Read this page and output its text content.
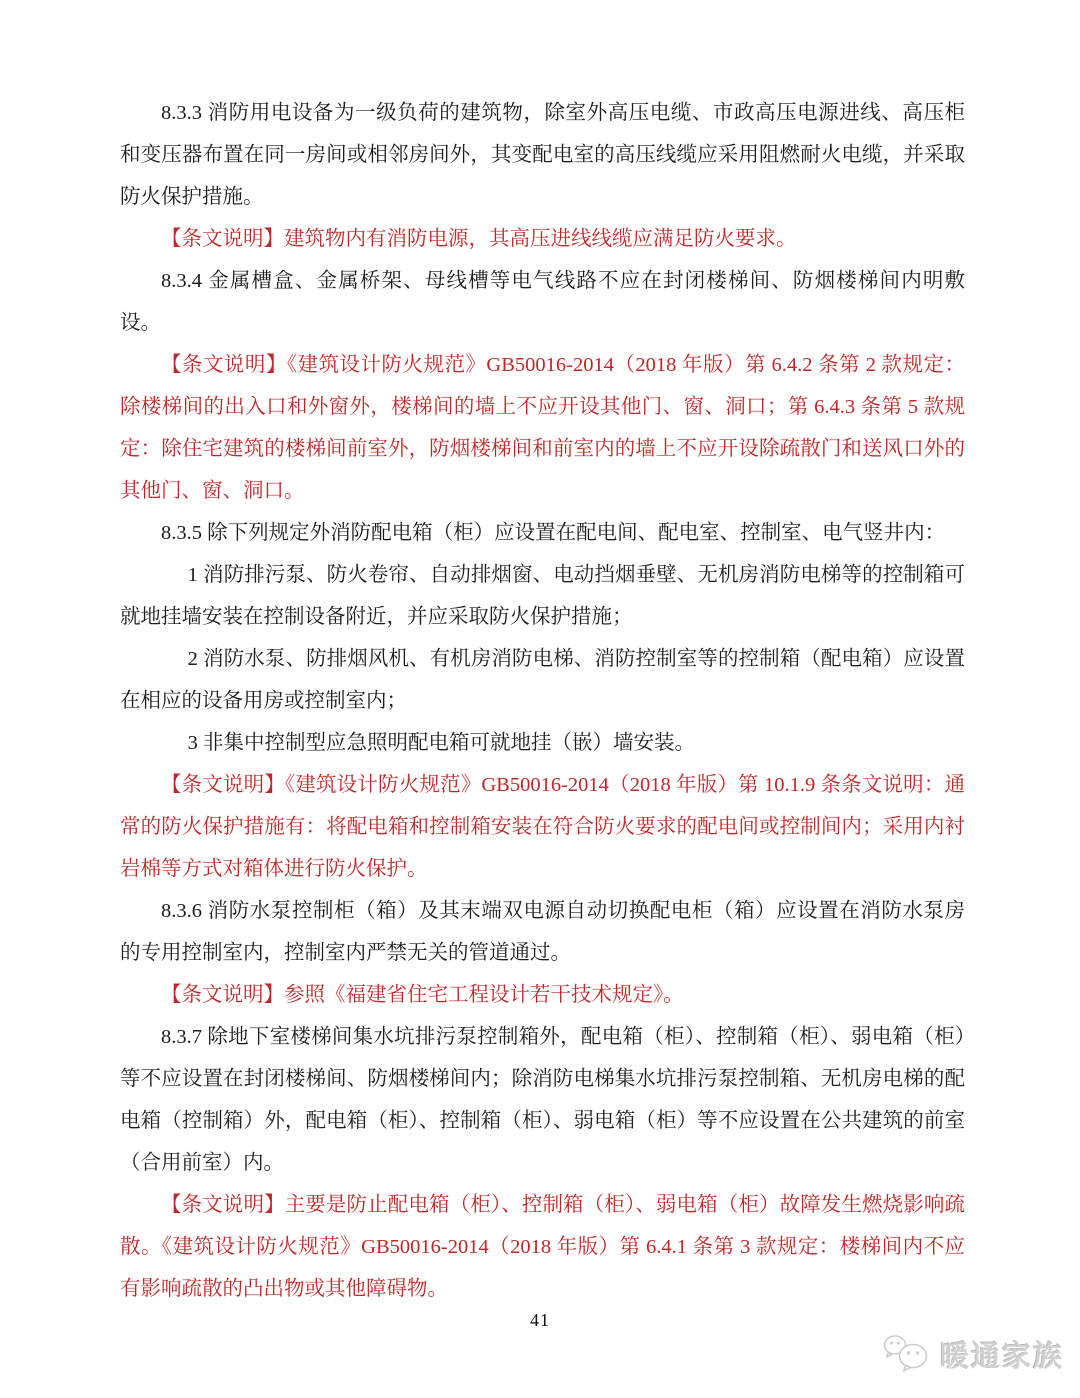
8.3.3 消防用电设备为一级负荷的建筑物，除室外高压电缆、市政高压电源进线、高压柜和变压器布置在同一房间或相邻房间外，其变配电室的高压线缆应采用阻燃耐火电缆，并采取防火保护措施。

【条文说明】建筑物内有消防电源，其高压进线线缆应满足防火要求。

8.3.4 金属槽盒、金属桥架、母线槽等电气线路不应在封闭楼梯间、防烟楼梯间内明敷设。

【条文说明】《建筑设计防火规范》GB50016-2014（2018 年版）第 6.4.2 条第 2 款规定：除楼梯间的出入口和外窗外，楼梯间的墙上不应开设其他门、窗、洞口；第 6.4.3 条第 5 款规定：除住宅建筑的楼梯间前室外，防烟楼梯间和前室内的墙上不应开设除疏散门和送风口外的其他门、窗、洞口。

8.3.5 除下列规定外消防配电箱（柜）应设置在配电间、配电室、控制室、电气竖井内：

1 消防排污泵、防火卷帘、自动排烟窗、电动挡烟垂壁、无机房消防电梯等的控制箱可就地挂墙安装在控制设备附近，并应采取防火保护措施；

2 消防水泵、防排烟风机、有机房消防电梯、消防控制室等的控制箱（配电箱）应设置在相应的设备用房或控制室内；

3 非集中控制型应急照明配电箱可就地挂（嵌）墙安装。

【条文说明】《建筑设计防火规范》GB50016-2014（2018 年版）第 10.1.9 条条文说明：通常的防火保护措施有：将配电箱和控制箱安装在符合防火要求的配电间或控制间内；采用内衬岩棉等方式对箱体进行防火保护。

8.3.6 消防水泵控制柜（箱）及其末端双电源自动切换配电柜（箱）应设置在消防水泵房的专用控制室内，控制室内严禁无关的管道通过。

【条文说明】参照《福建省住宅工程设计若干技术规定》。

8.3.7 除地下室楼梯间集水坑排污泵控制箱外，配电箱（柜）、控制箱（柜）、弱电箱（柜）等不应设置在封闭楼梯间、防烟楼梯间内；除消防电梯集水坑排污泵控制箱、无机房电梯的配电箱（控制箱）外，配电箱（柜）、控制箱（柜）、弱电箱（柜）等不应设置在公共建筑的前室（合用前室）内。

【条文说明】主要是防止配电箱（柜）、控制箱（柜）、弱电箱（柜）故障发生燃烧影响疏散。《建筑设计防火规范》GB50016-2014（2018 年版）第 6.4.1 条第 3 款规定：楼梯间内不应有影响疏散的凸出物或其他障碍物。

41
暖通家族
